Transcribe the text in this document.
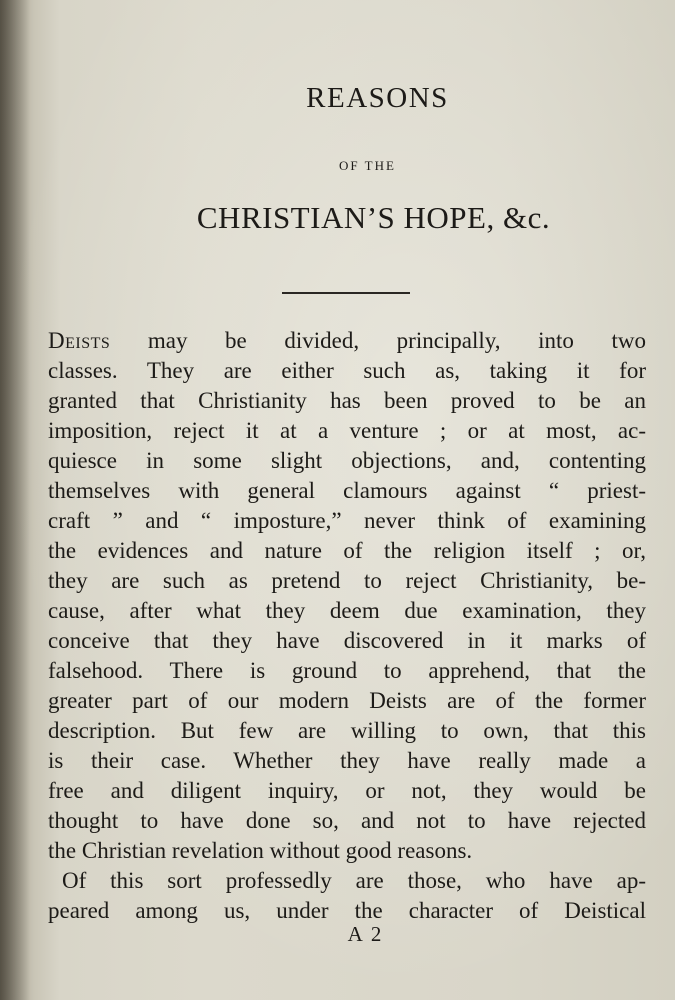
REASONS
OF THE
CHRISTIAN’S HOPE, &c.
Deists may be divided, principally, into two
classes. They are either such as, taking it for
granted that Christianity has been proved to be an
imposition, reject it at a venture ; or at most, ac-
quiesce in some slight objections, and, contenting
themselves with general clamours against “ priest-
craft ” and “ imposture,” never think of examining
the evidences and nature of the religion itself ; or,
they are such as pretend to reject Christianity, be-
cause, after what they deem due examination, they
conceive that they have discovered in it marks of
falsehood. There is ground to apprehend, that the
greater part of our modern Deists are of the former
description. But few are willing to own, that this
is their case. Whether they have really made a
free and diligent inquiry, or not, they would be
thought to have done so, and not to have rejected
the Christian revelation without good reasons.
Of this sort professedly are those, who have ap-
peared among us, under the character of Deistical
A 2
